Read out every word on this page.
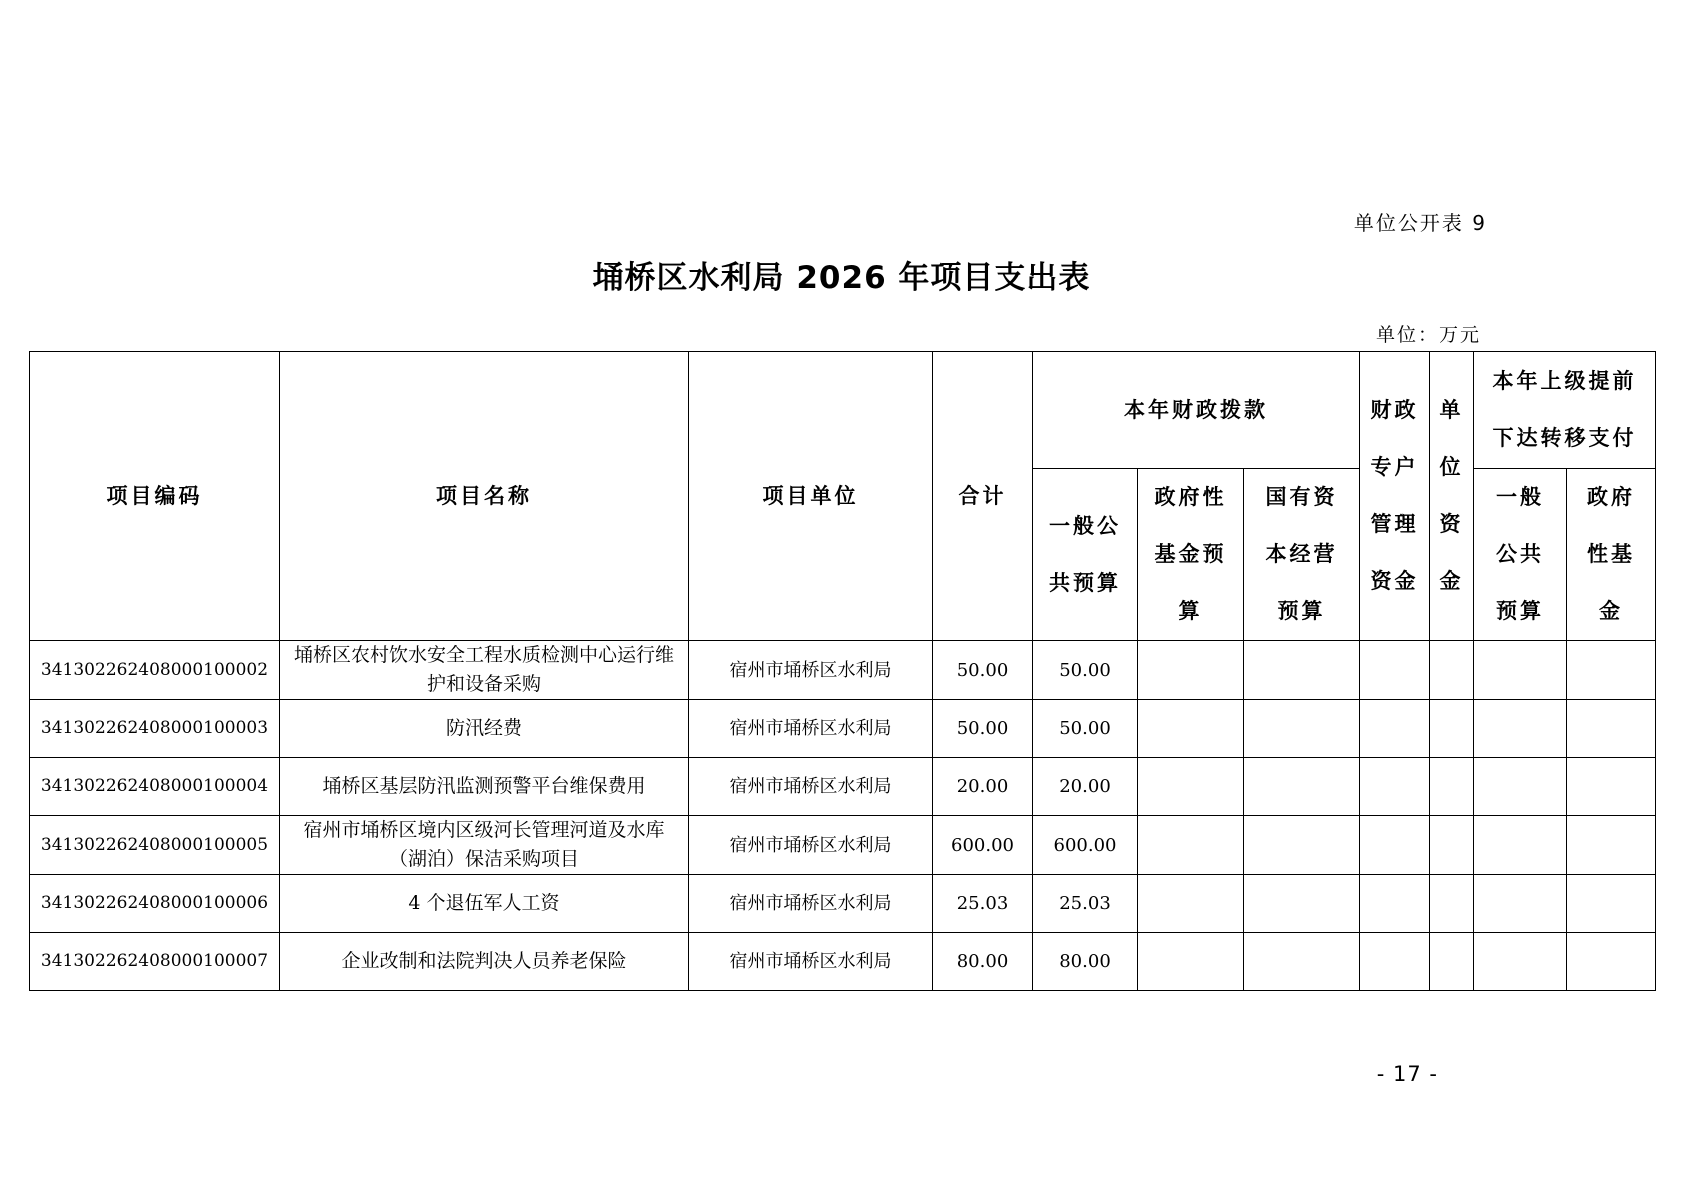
单位公开表 9
埇桥区水利局 2026 年项目支出表
单位：万元
项目编码	项目名称	项目单位	合计	本年财政拨款			财政专户管理资金	单位资金	本年上级提前下达转移支付	
				一般公共预算	政府性基金预算	国有资本经营预算			一般公共预算	政府性基金
341302262408000100002	埇桥区农村饮水安全工程水质检测中心运行维护和设备采购	宿州市埇桥区水利局	50.00	50.00						
341302262408000100003	防汛经费	宿州市埇桥区水利局	50.00	50.00						
341302262408000100004	埇桥区基层防汛监测预警平台维保费用	宿州市埇桥区水利局	20.00	20.00						
341302262408000100005	宿州市埇桥区境内区级河长管理河道及水库（湖泊）保洁采购项目	宿州市埇桥区水利局	600.00	600.00						
341302262408000100006	4 个退伍军人工资	宿州市埇桥区水利局	25.03	25.03						
341302262408000100007	企业改制和法院判决人员养老保险	宿州市埇桥区水利局	80.00	80.00						
- 17 -
